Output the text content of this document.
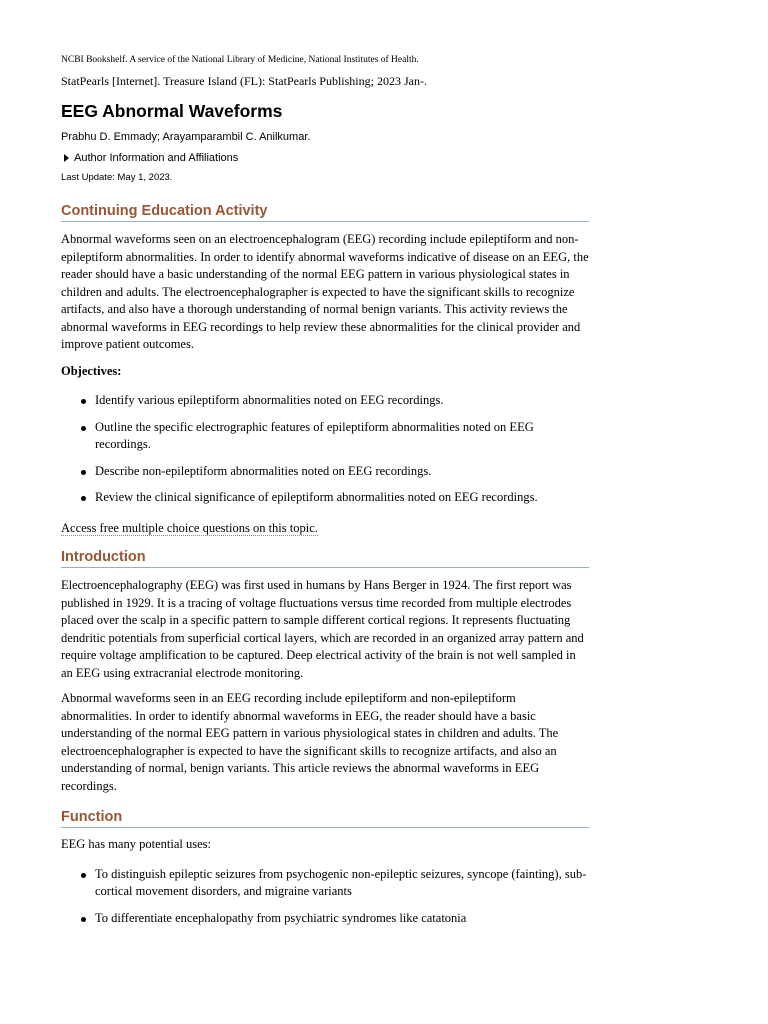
NCBI Bookshelf. A service of the National Library of Medicine, National Institutes of Health.
StatPearls [Internet]. Treasure Island (FL): StatPearls Publishing; 2023 Jan-.
EEG Abnormal Waveforms
Prabhu D. Emmady; Arayamparambil C. Anilkumar.
Author Information and Affiliations
Last Update: May 1, 2023.
Continuing Education Activity

Abnormal waveforms seen on an electroencephalogram (EEG) recording include epileptiform and non-epileptiform abnormalities. In order to identify abnormal waveforms indicative of disease on an EEG, the reader should have a basic understanding of the normal EEG pattern in various physiological states in children and adults. The electroencephalographer is expected to have the significant skills to recognize artifacts, and also have a thorough understanding of normal benign variants. This activity reviews the abnormal waveforms in EEG recordings to help review these abnormalities for the clinical provider and improve patient outcomes.

Objectives:
Identify various epileptiform abnormalities noted on EEG recordings.
Outline the specific electrographic features of epileptiform abnormalities noted on EEG recordings.
Describe non-epileptiform abnormalities noted on EEG recordings.
Review the clinical significance of epileptiform abnormalities noted on EEG recordings.
Access free multiple choice questions on this topic.
Introduction

Electroencephalography (EEG) was first used in humans by Hans Berger in 1924. The first report was published in 1929. It is a tracing of voltage fluctuations versus time recorded from multiple electrodes placed over the scalp in a specific pattern to sample different cortical regions. It represents fluctuating dendritic potentials from superficial cortical layers, which are recorded in an organized array pattern and require voltage amplification to be captured. Deep electrical activity of the brain is not well sampled in an EEG using extracranial electrode monitoring.

Abnormal waveforms seen in an EEG recording include epileptiform and non-epileptiform abnormalities. In order to identify abnormal waveforms in EEG, the reader should have a basic understanding of the normal EEG pattern in various physiological states in children and adults. The electroencephalographer is expected to have the significant skills to recognize artifacts, and also an understanding of normal, benign variants. This article reviews the abnormal waveforms in EEG recordings.

Function

EEG has many potential uses:

To distinguish epileptic seizures from psychogenic non-epileptic seizures, syncope (fainting), sub-cortical movement disorders, and migraine variants
To differentiate encephalopathy from psychiatric syndromes like catatonia
